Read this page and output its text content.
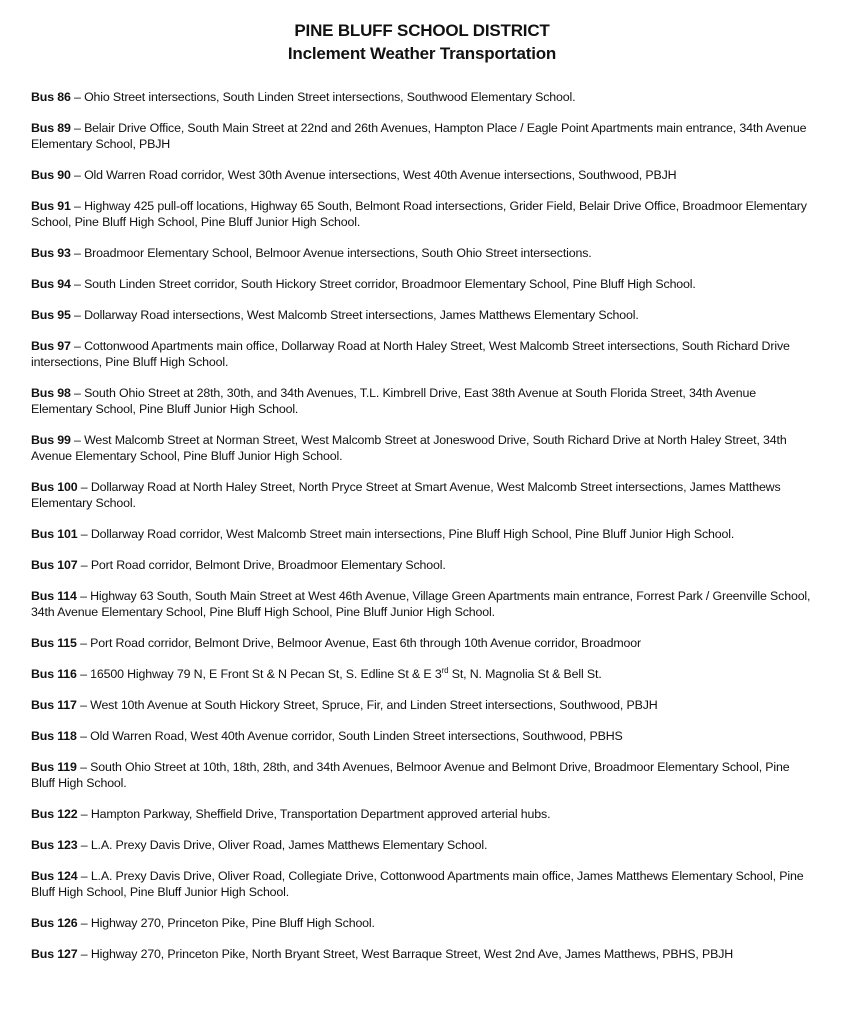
PINE BLUFF SCHOOL DISTRICT
Inclement Weather Transportation
Bus 86 – Ohio Street intersections, South Linden Street intersections, Southwood Elementary School.
Bus 89 – Belair Drive Office, South Main Street at 22nd and 26th Avenues, Hampton Place / Eagle Point Apartments main entrance, 34th Avenue Elementary School, PBJH
Bus 90 – Old Warren Road corridor, West 30th Avenue intersections, West 40th Avenue intersections, Southwood, PBJH
Bus 91 – Highway 425 pull-off locations, Highway 65 South, Belmont Road intersections, Grider Field, Belair Drive Office, Broadmoor Elementary School, Pine Bluff High School, Pine Bluff Junior High School.
Bus 93 – Broadmoor Elementary School, Belmoor Avenue intersections, South Ohio Street intersections.
Bus 94 – South Linden Street corridor, South Hickory Street corridor, Broadmoor Elementary School, Pine Bluff High School.
Bus 95 – Dollarway Road intersections, West Malcomb Street intersections, James Matthews Elementary School.
Bus 97 – Cottonwood Apartments main office, Dollarway Road at North Haley Street, West Malcomb Street intersections, South Richard Drive intersections, Pine Bluff High School.
Bus 98 – South Ohio Street at 28th, 30th, and 34th Avenues, T.L. Kimbrell Drive, East 38th Avenue at South Florida Street, 34th Avenue Elementary School, Pine Bluff Junior High School.
Bus 99 – West Malcomb Street at Norman Street, West Malcomb Street at Joneswood Drive, South Richard Drive at North Haley Street, 34th Avenue Elementary School, Pine Bluff Junior High School.
Bus 100 – Dollarway Road at North Haley Street, North Pryce Street at Smart Avenue, West Malcomb Street intersections, James Matthews Elementary School.
Bus 101 – Dollarway Road corridor, West Malcomb Street main intersections, Pine Bluff High School, Pine Bluff Junior High School.
Bus 107 – Port Road corridor, Belmont Drive, Broadmoor Elementary School.
Bus 114 – Highway 63 South, South Main Street at West 46th Avenue, Village Green Apartments main entrance, Forrest Park / Greenville School, 34th Avenue Elementary School, Pine Bluff High School, Pine Bluff Junior High School.
Bus 115 – Port Road corridor, Belmont Drive, Belmoor Avenue, East 6th through 10th Avenue corridor, Broadmoor
Bus 116 – 16500 Highway 79 N, E Front St & N Pecan St, S. Edline St & E 3rd St, N. Magnolia St & Bell St.
Bus 117 – West 10th Avenue at South Hickory Street, Spruce, Fir, and Linden Street intersections, Southwood, PBJH
Bus 118 – Old Warren Road, West 40th Avenue corridor, South Linden Street intersections, Southwood, PBHS
Bus 119 – South Ohio Street at 10th, 18th, 28th, and 34th Avenues, Belmoor Avenue and Belmont Drive, Broadmoor Elementary School, Pine Bluff High School.
Bus 122 – Hampton Parkway, Sheffield Drive, Transportation Department approved arterial hubs.
Bus 123 – L.A. Prexy Davis Drive, Oliver Road, James Matthews Elementary School.
Bus 124 – L.A. Prexy Davis Drive, Oliver Road, Collegiate Drive, Cottonwood Apartments main office, James Matthews Elementary School, Pine Bluff High School, Pine Bluff Junior High School.
Bus 126 – Highway 270, Princeton Pike, Pine Bluff High School.
Bus 127 – Highway 270, Princeton Pike, North Bryant Street, West Barraque Street, West 2nd Ave, James Matthews, PBHS, PBJH
